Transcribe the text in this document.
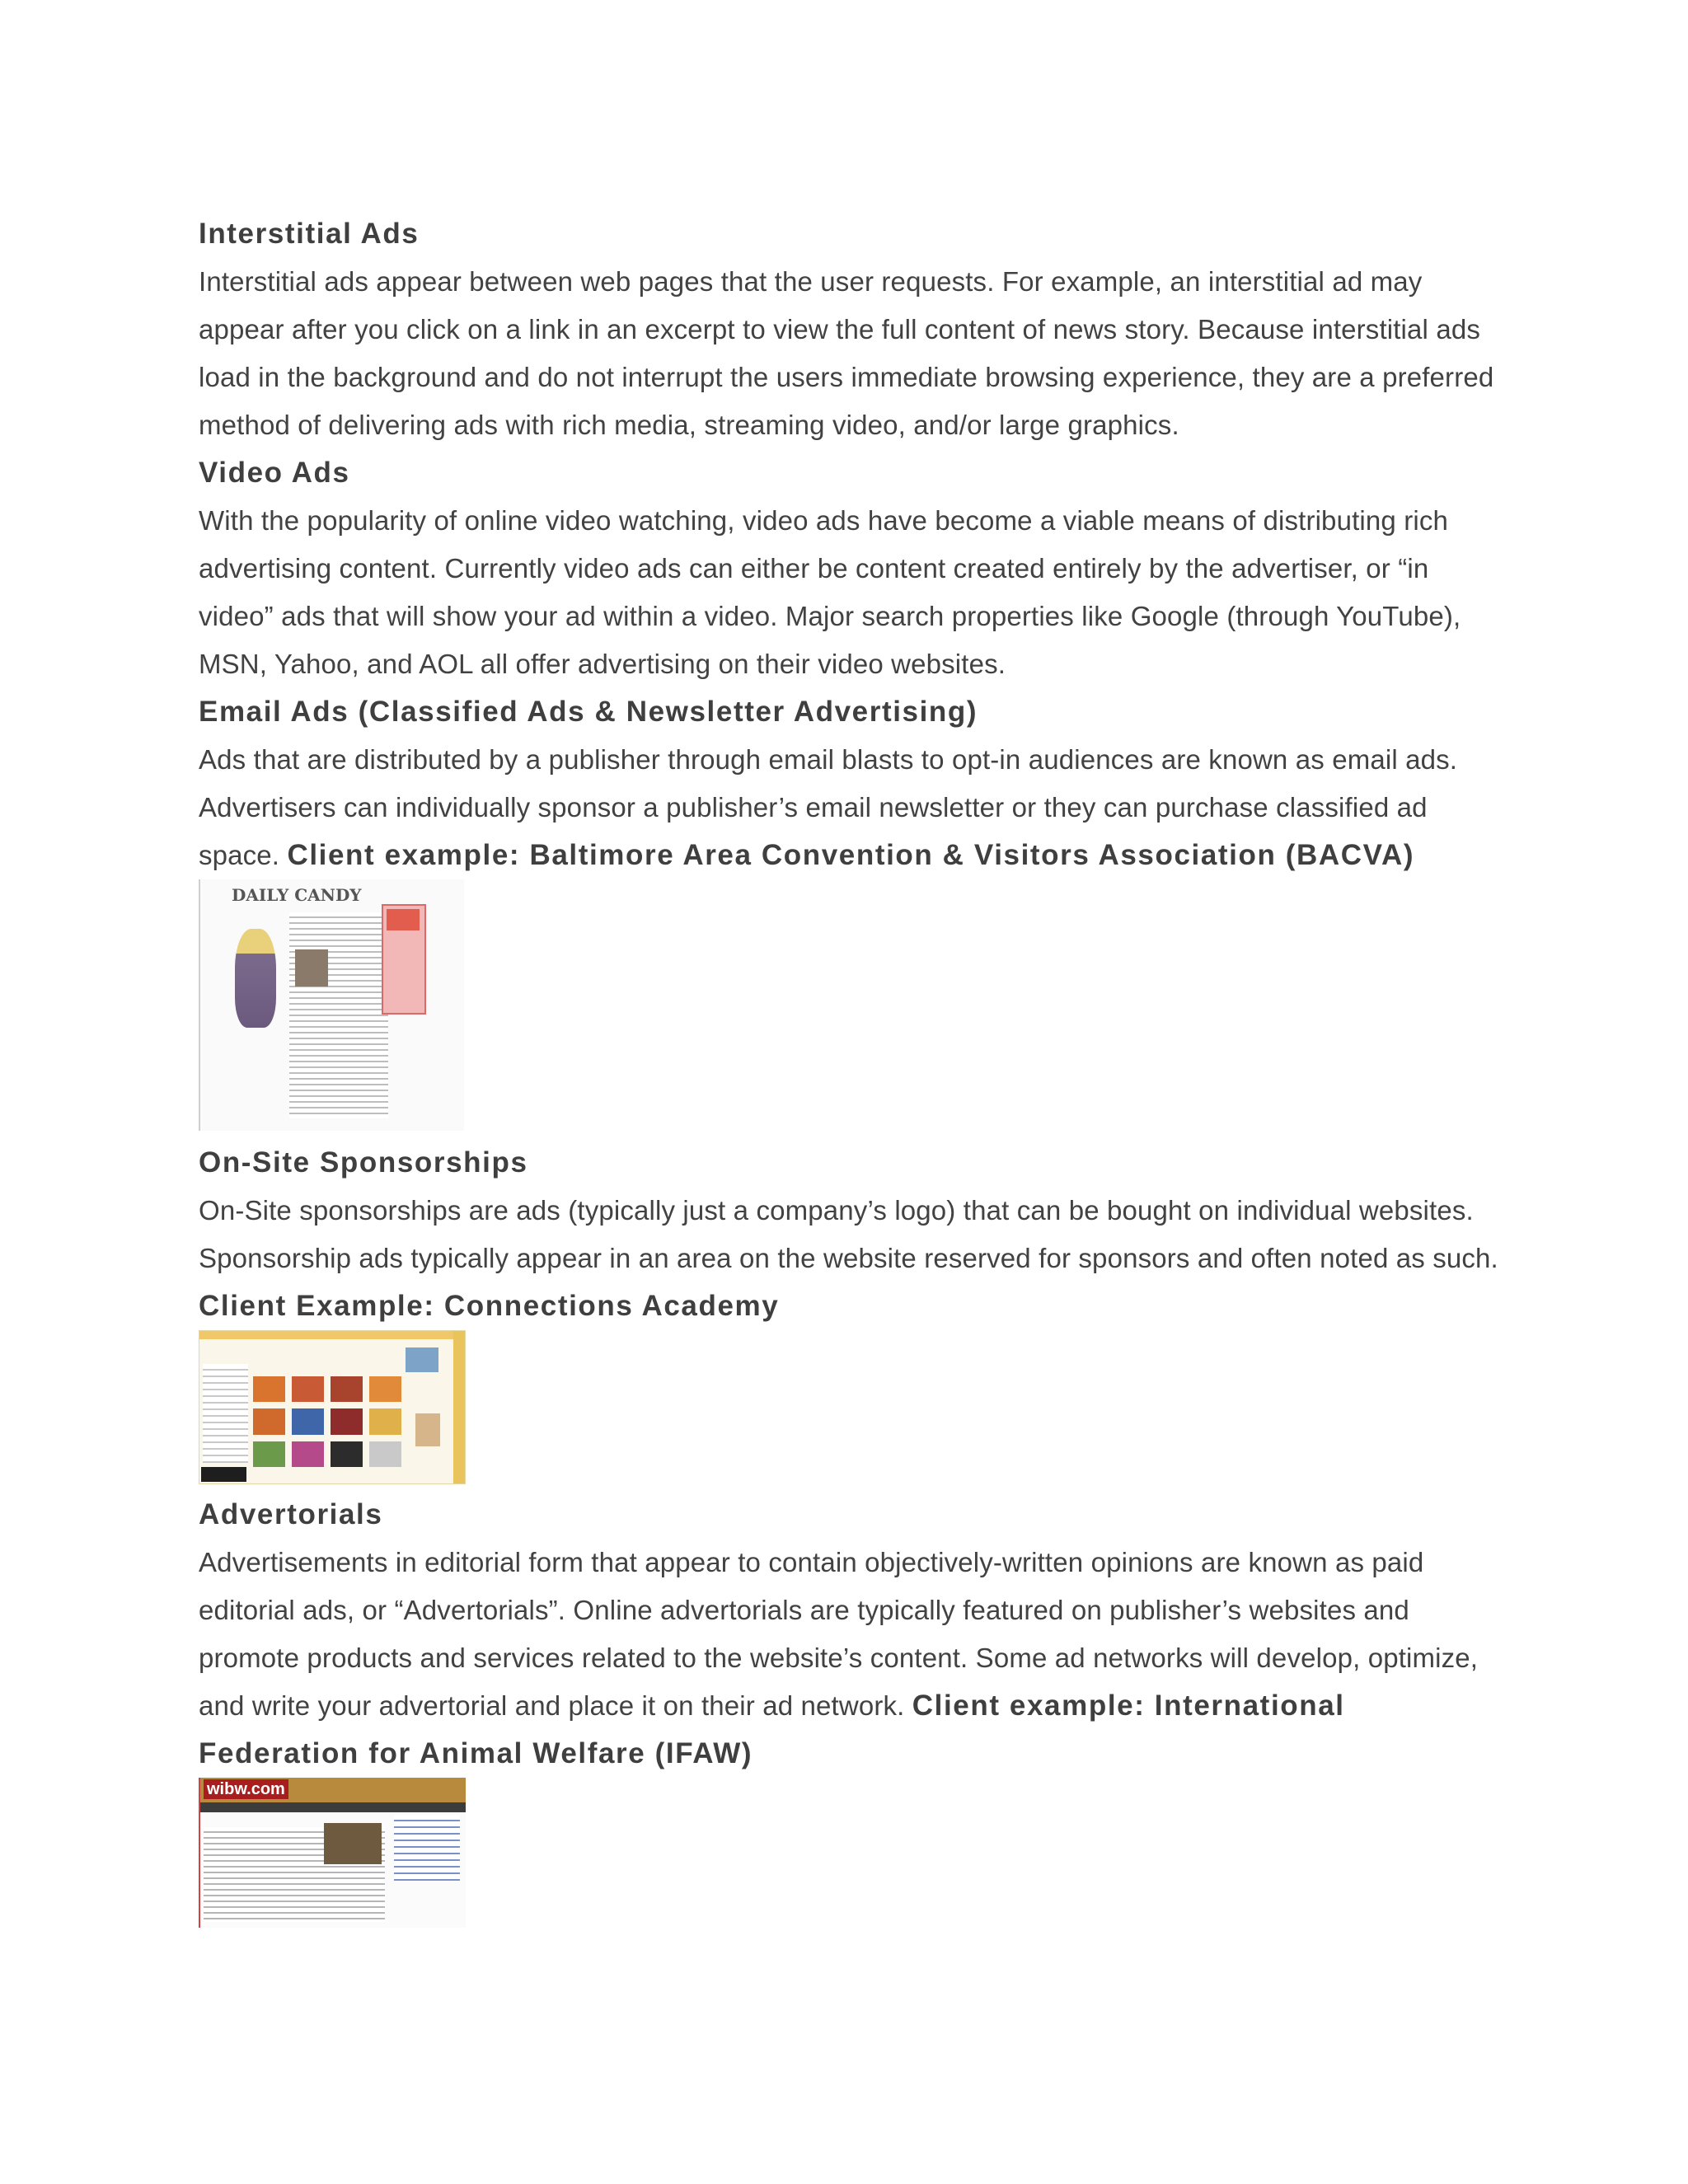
Interstitial Ads

Interstitial ads appear between web pages that the user requests. For example, an interstitial ad may appear after you click on a link in an excerpt to view the full content of news story. Because interstitial ads load in the background and do not interrupt the users immediate browsing experience, they are a preferred method of delivering ads with rich media, streaming video, and/or large graphics.

Video Ads

With the popularity of online video watching, video ads have become a viable means of distributing rich advertising content. Currently video ads can either be content created entirely by the advertiser, or “in video” ads that will show your ad within a video. Major search properties like Google (through YouTube), MSN, Yahoo, and AOL all offer advertising on their video websites.

Email Ads (Classified Ads & Newsletter Advertising)

Ads that are distributed by a publisher through email blasts to opt-in audiences are known as email ads. Advertisers can individually sponsor a publisher’s email newsletter or they can purchase classified ad space. Client example: Baltimore Area Convention & Visitors Association (BACVA)

DAILY CANDY
On-Site Sponsorships

On-Site sponsorships are ads (typically just a company’s logo) that can be bought on individual websites. Sponsorship ads typically appear in an area on the website reserved for sponsors and often noted as such. Client Example: Connections Academy

Advertorials

Advertisements in editorial form that appear to contain objectively-written opinions are known as paid editorial ads, or “Advertorials”. Online advertorials are typically featured on publisher’s websites and promote products and services related to the website’s content. Some ad networks will develop, optimize, and write your advertorial and place it on their ad network. Client example: International Federation for Animal Welfare (IFAW)

wibw.com
